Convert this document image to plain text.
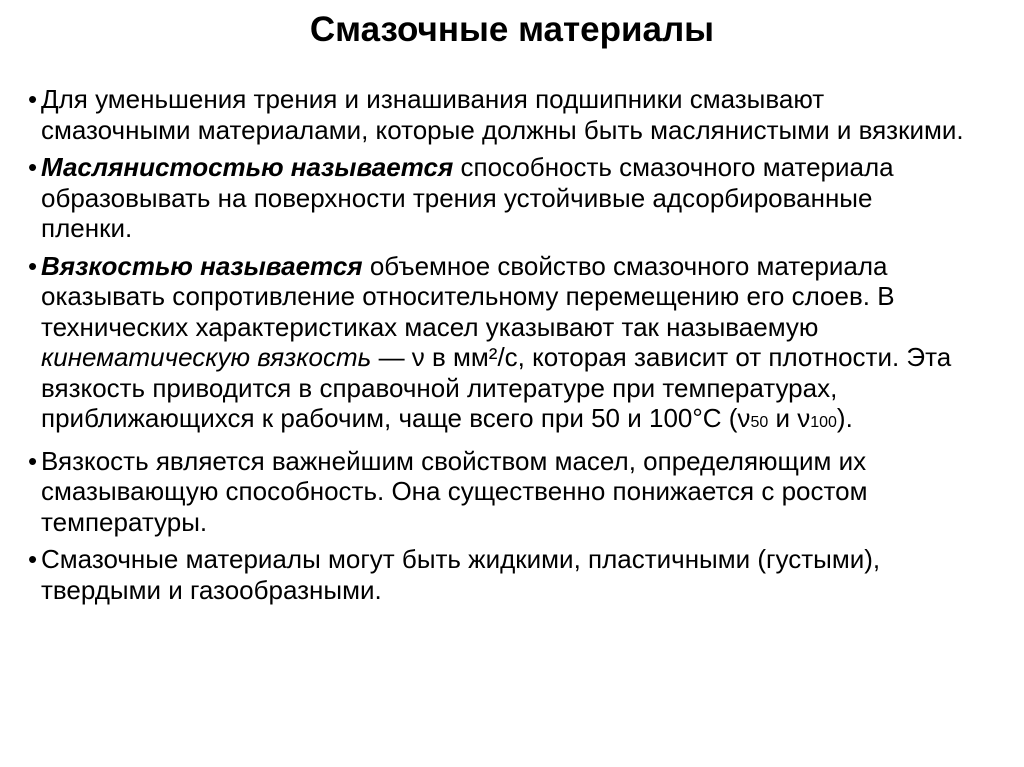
Смазочные материалы
• Для уменьшения трения и изнашивания подшипники смазывают смазочными материалами, которые должны быть маслянистыми и вязкими.
• Маслянистостью называется способность смазочного материала образовывать на поверхности трения устойчивые адсорбированные пленки.
• Вязкостью называется объемное свойство смазочного материала оказывать сопротивление относительному перемещению его слоев. В технических характеристиках масел указывают так называемую кинематическую вязкость — ν в мм²/с, которая зависит от плотности. Эта вязкость приводится в справочной литературе при температурах, приближающихся к рабочим, чаще всего при 50 и 100°С (ν50 и ν100).
• Вязкость является важнейшим свойством масел, определяющим их смазывающую способность. Она существенно понижается с ростом температуры.
• Смазочные материалы могут быть жидкими, пластичными (густыми), твердыми и газообразными.
